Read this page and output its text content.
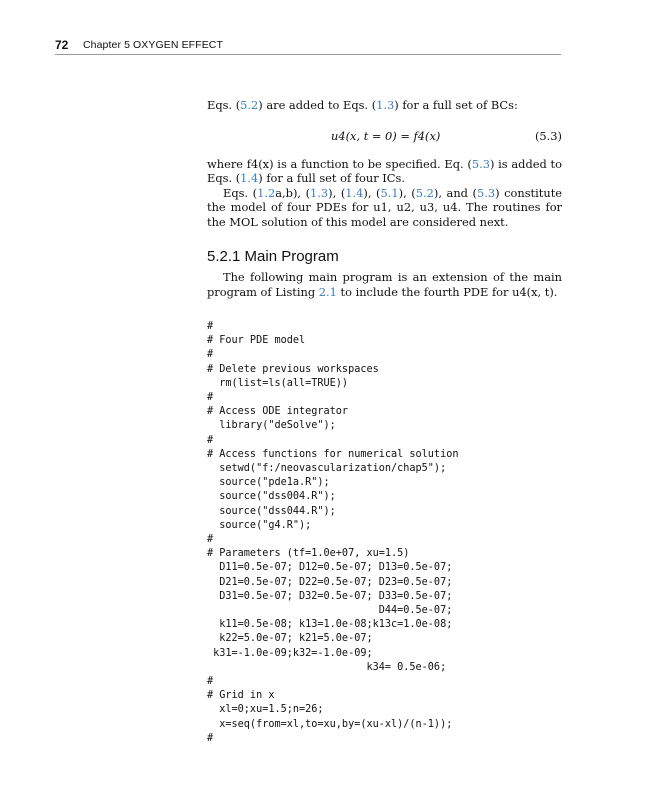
72 Chapter 5 OXYGEN EFFECT

Eqs. (5.2) are added to Eqs. (1.3) for a full set of BCs:

u4(x, t = 0) = f4(x)	(5.3)

where f4(x) is a function to be specified. Eq. (5.3) is added to Eqs. (1.4) for a full set of four ICs.

Eqs. (1.2a,b), (1.3), (1.4), (5.1), (5.2), and (5.3) constitute the model of four PDEs for u1, u2, u3, u4. The routines for the MOL solution of this model are considered next.

5.2.1 Main Program

The following main program is an extension of the main program of Listing 2.1 to include the fourth PDE for u4(x, t).

#
# Four PDE model
#
# Delete previous workspaces
rm(list=ls(all=TRUE))
#
# Access ODE integrator
library("deSolve");
#
# Access functions for numerical solution
setwd("f:/neovascularization/chap5");
source("pde1a.R");
source("dss004.R");
source("dss044.R");
source("g4.R");
#
# Parameters (tf=1.0e+07, xu=1.5)
D11=0.5e-07; D12=0.5e-07; D13=0.5e-07;
D21=0.5e-07; D22=0.5e-07; D23=0.5e-07;
D31=0.5e-07; D32=0.5e-07; D33=0.5e-07;
D44=0.5e-07;
k11=0.5e-08; k13=1.0e-08;k13c=1.0e-08;
k22=5.0e-07; k21=5.0e-07;
k31=-1.0e-09;k32=-1.0e-09;
k34= 0.5e-06;
#
# Grid in x
xl=0;xu=1.5;n=26;
x=seq(from=xl,to=xu,by=(xu-xl)/(n-1));
#
